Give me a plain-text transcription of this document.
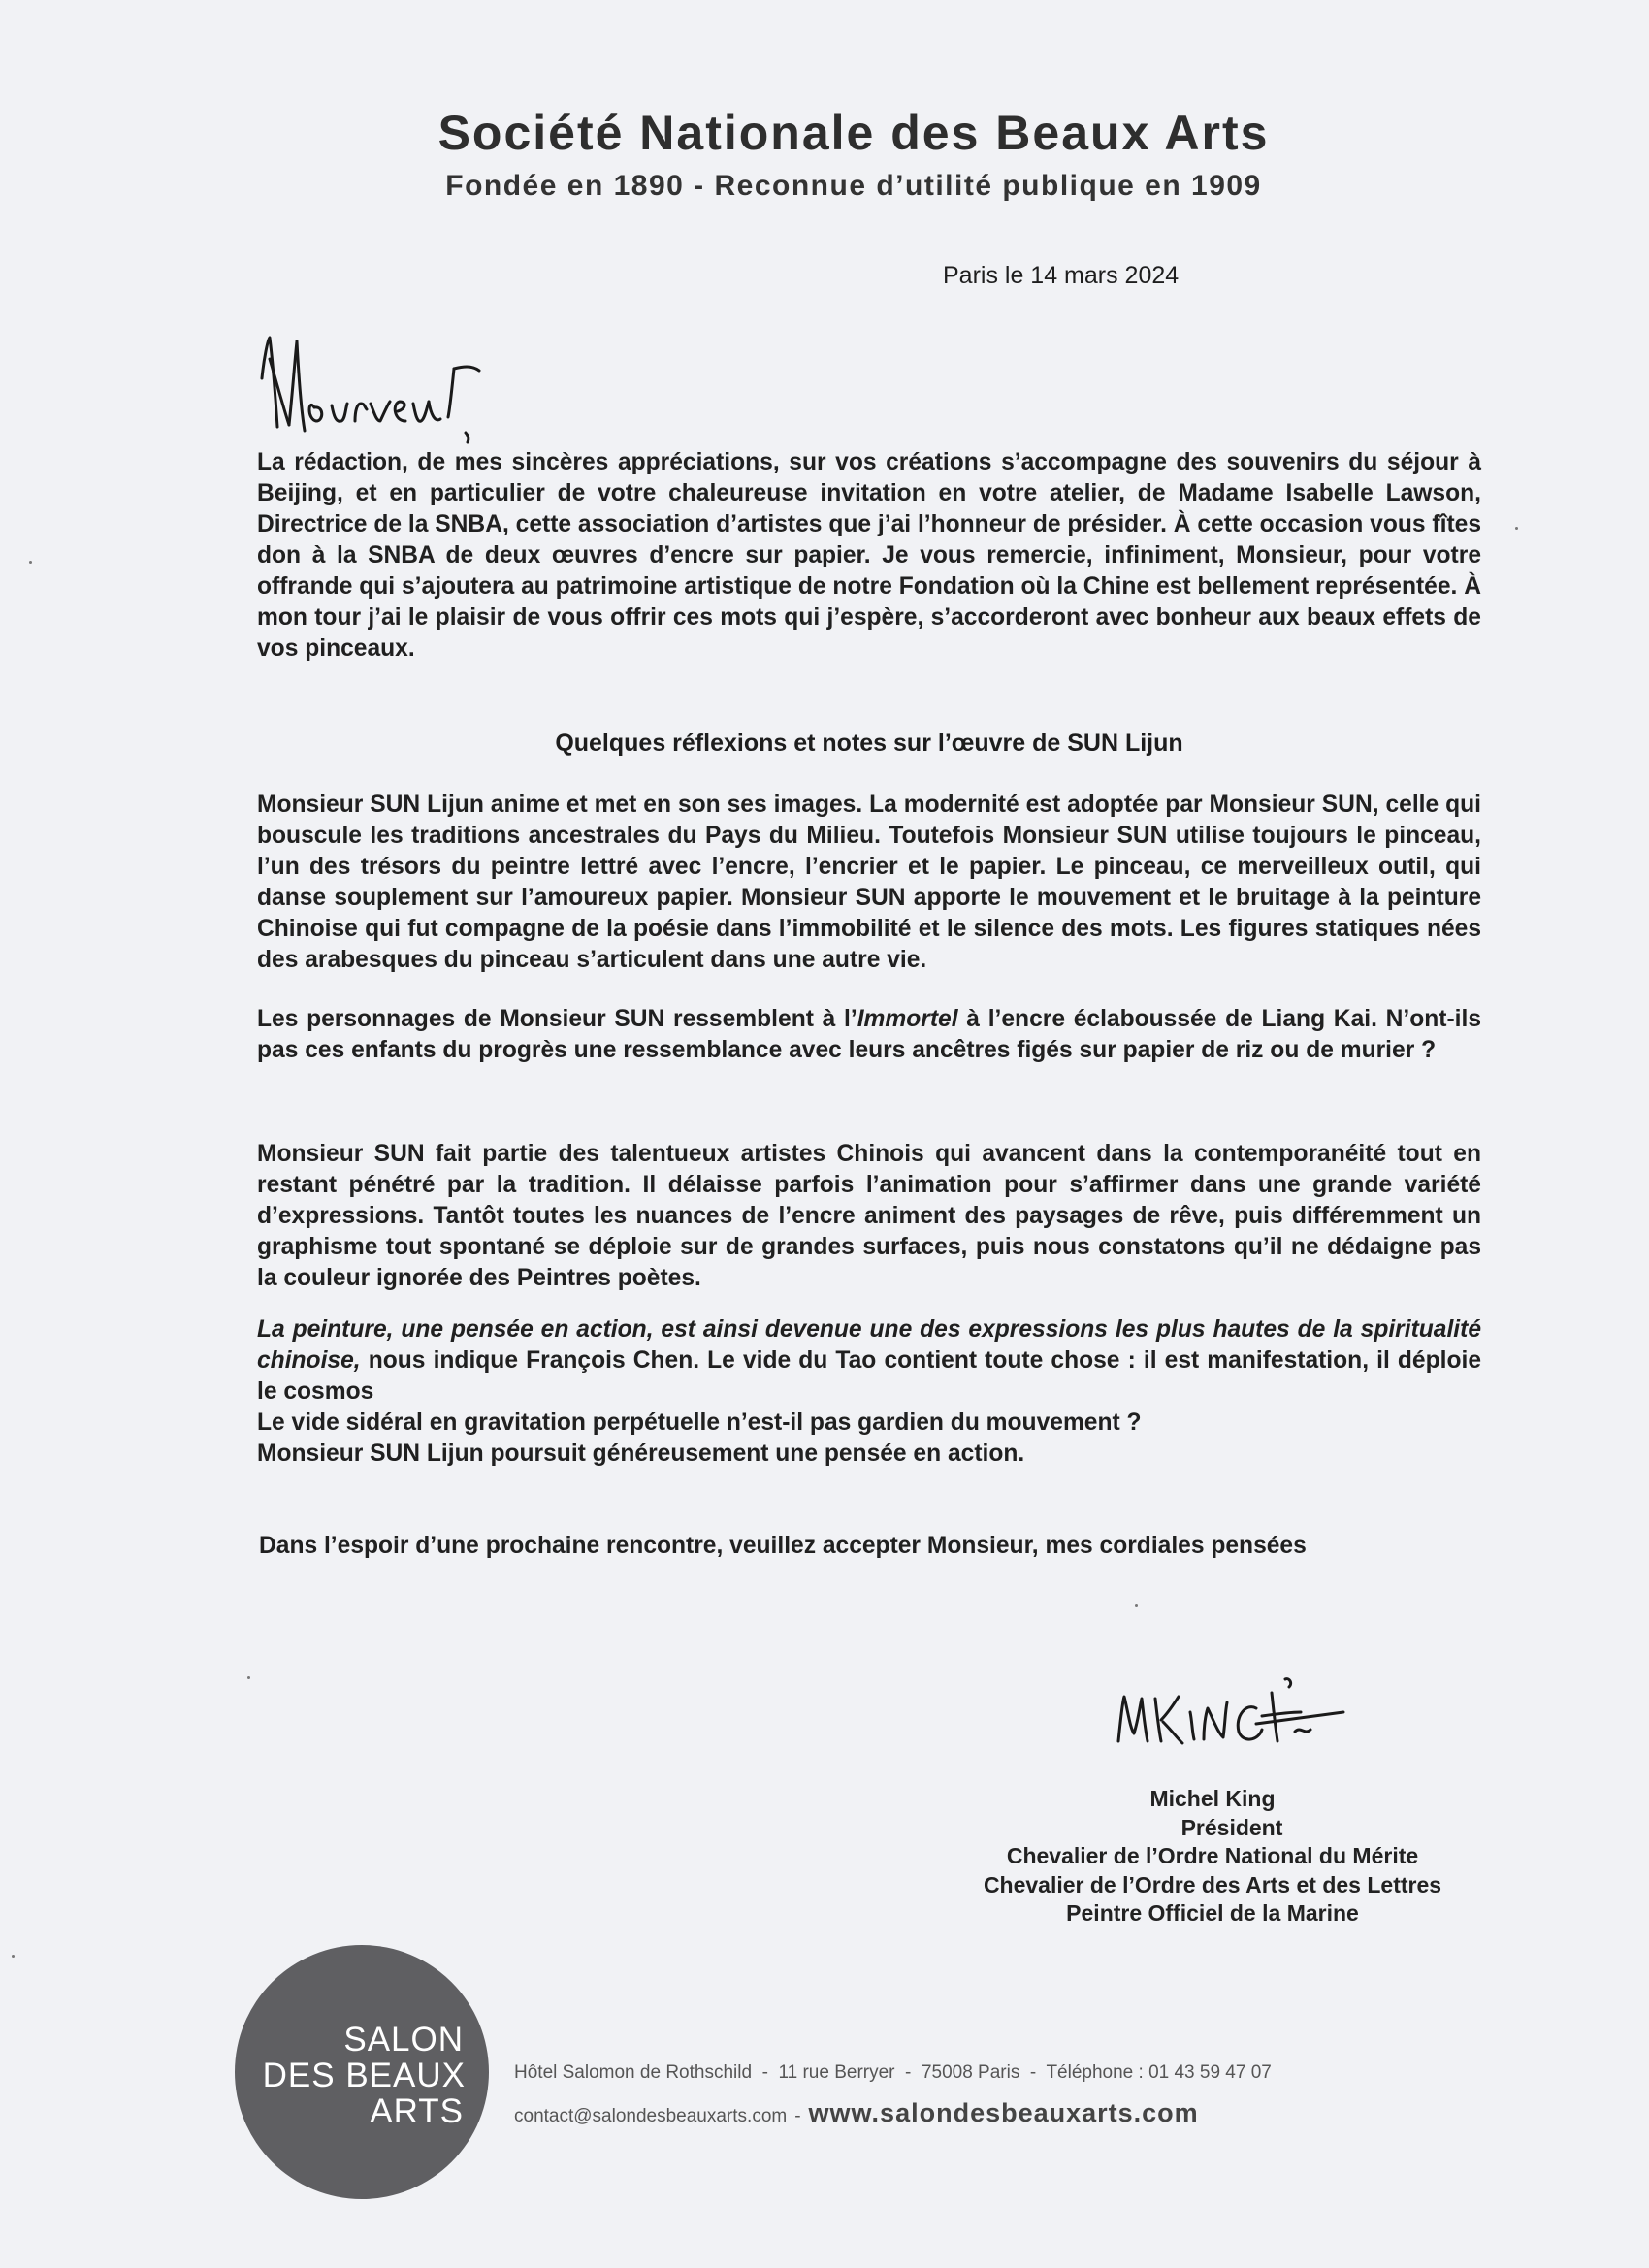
Société Nationale des Beaux Arts
Fondée en 1890 - Reconnue d’utilité publique en 1909
Paris le 14 mars 2024
La rédaction, de mes sincères appréciations, sur vos créations s’accompagne des souvenirs du séjour à Beijing, et en particulier de votre chaleureuse invitation en votre atelier, de Madame Isabelle Lawson, Directrice de la SNBA, cette association d’artistes que j’ai l’honneur de présider. À cette occasion vous fîtes don à la SNBA de deux œuvres d’encre sur papier. Je vous remercie, infiniment, Monsieur, pour votre offrande qui s’ajoutera au patrimoine artistique de notre Fondation où la Chine est bellement représentée. À mon tour j’ai le plaisir de vous offrir ces mots qui j’espère, s’accorderont avec bonheur aux beaux effets de vos pinceaux.
Quelques réflexions et notes sur l’œuvre de SUN Lijun
Monsieur SUN Lijun anime et met en son ses images. La modernité est adoptée par Monsieur SUN, celle qui bouscule les traditions ancestrales du Pays du Milieu. Toutefois Monsieur SUN utilise toujours le pinceau, l’un des trésors du peintre lettré avec l’encre, l’encrier et le papier. Le pinceau, ce merveilleux outil, qui danse souplement sur l’amoureux papier. Monsieur SUN apporte le mouvement et le bruitage à la peinture Chinoise qui fut compagne de la poésie dans l’immobilité et le silence des mots. Les figures statiques nées des arabesques du pinceau s’articulent dans une autre vie.
Les personnages de Monsieur SUN ressemblent à l’Immortel à l’encre éclaboussée de Liang Kai. N’ont-ils pas ces enfants du progrès une ressemblance avec leurs ancêtres figés sur papier de riz ou de murier ?
Monsieur SUN fait partie des talentueux artistes Chinois qui avancent dans la contemporanéité tout en restant pénétré par la tradition. Il délaisse parfois l’animation pour s’affirmer dans une grande variété d’expressions. Tantôt toutes les nuances de l’encre animent des paysages de rêve, puis différemment un graphisme tout spontané se déploie sur de grandes surfaces, puis nous constatons qu’il ne dédaigne pas la couleur ignorée des Peintres poètes.
La peinture, une pensée en action, est ainsi devenue une des expressions les plus hautes de la spiritualité chinoise, nous indique François Chen. Le vide du Tao contient toute chose : il est manifestation, il déploie le cosmos
Le vide sidéral en gravitation perpétuelle n’est-il pas gardien du mouvement ?
Monsieur SUN Lijun poursuit généreusement une pensée en action.
Dans l’espoir d’une prochaine rencontre, veuillez accepter Monsieur, mes cordiales pensées
Michel King
Président
Chevalier de l’Ordre National du Mérite
Chevalier de l’Ordre des Arts et des Lettres
Peintre Officiel de la Marine
SALON
DES BEAUX
ARTS
Hôtel Salomon de Rothschild  -  11 rue Berryer  -  75008 Paris  -  Téléphone : 01 43 59 47 07
contact@salondesbeauxarts.com - www.salondesbeauxarts.com
